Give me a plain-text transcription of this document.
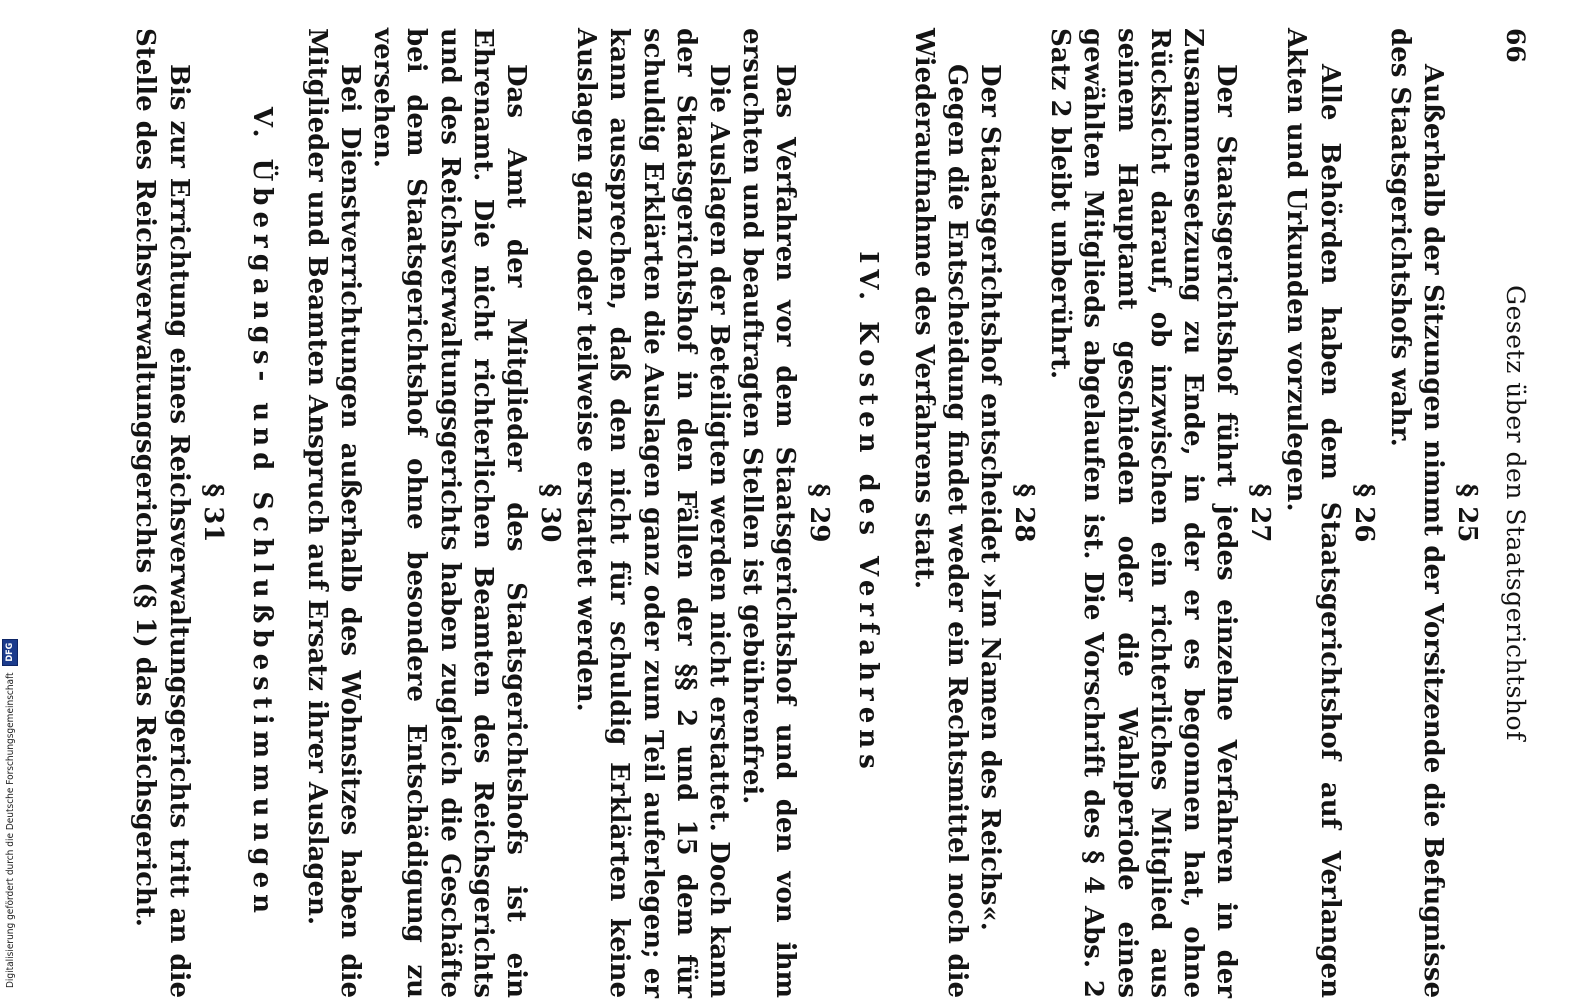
66
Gesetz über den Staatsgerichtshof
§ 25

Außerhalb der Sitzungen nimmt der Vorsitzende die Befugnisse des Staatsgerichtshofs wahr.

§ 26

Alle Behörden haben dem Staatsgerichtshof auf Verlangen Akten und Urkunden vorzulegen.

§ 27

Der Staatsgerichtshof führt jedes einzelne Verfahren in der Zusammensetzung zu Ende, in der er es begonnen hat, ohne Rücksicht darauf, ob inzwischen ein richterliches Mitglied aus seinem Hauptamt geschieden oder die Wahlperiode eines gewählten Mitglieds abgelaufen ist. Die Vorschrift des § 4 Abs. 2 Satz 2 bleibt unberührt.

§ 28

Der Staatsgerichtshof entscheidet »Im Namen des Reichs«.

Gegen die Entscheidung findet weder ein Rechtsmittel noch die Wiederaufnahme des Verfahrens statt.

IV. Kosten des Verfahrens
§ 29

Das Verfahren vor dem Staatsgerichtshof und den von ihm ersuchten und beauftragten Stellen ist gebührenfrei.

Die Auslagen der Beteiligten werden nicht erstattet. Doch kann der Staatsgerichtshof in den Fällen der §§ 2 und 15 dem für schuldig Erklärten die Auslagen ganz oder zum Teil auferlegen; er kann aussprechen, daß den nicht für schuldig Erklärten keine Auslagen ganz oder teilweise erstattet werden.

§ 30

Das Amt der Mitglieder des Staatsgerichtshofs ist ein Ehrenamt. Die nicht richterlichen Beamten des Reichsgerichts und des Reichsverwaltungsgerichts haben zugleich die Geschäfte bei dem Staatsgerichtshof ohne besondere Entschädigung zu versehen.

Bei Dienstverrichtungen außerhalb des Wohnsitzes haben die Mitglieder und Beamten Anspruch auf Ersatz ihrer Auslagen.

V. Übergangs- und Schlußbestimmungen
§ 31

Bis zur Errichtung eines Reichsverwaltungsgerichts tritt an die Stelle des Reichsverwaltungsgerichts (§ 1) das Reichsgericht.

Digitalisierung gefördert durch die Deutsche Forschungsgemeinschaft DFG
